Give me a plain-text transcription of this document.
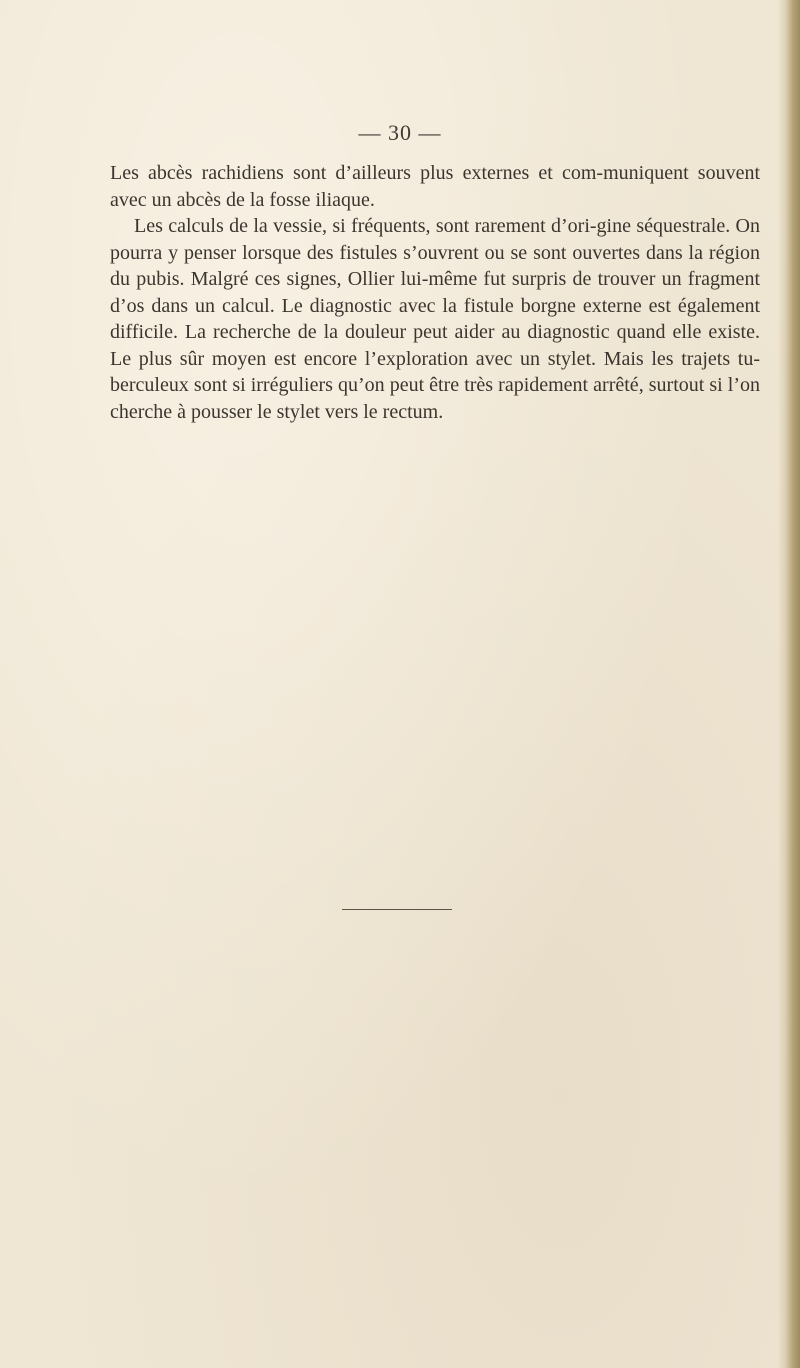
— 30 —

Les abcès rachidiens sont d’ailleurs plus externes et com-muniquent souvent avec un abcès de la fosse iliaque.

Les calculs de la vessie, si fréquents, sont rarement d’ori-gine séquestrale. On pourra y penser lorsque des fistules s’ouvrent ou se sont ouvertes dans la région du pubis. Malgré ces signes, Ollier lui-même fut surpris de trouver un fragment d’os dans un calcul. Le diagnostic avec la fistule borgne externe est également difficile. La recherche de la douleur peut aider au diagnostic quand elle existe. Le plus sûr moyen est encore l’exploration avec un stylet. Mais les trajets tu-berculeux sont si irréguliers qu’on peut être très rapidement arrêté, surtout si l’on cherche à pousser le stylet vers le rectum.
